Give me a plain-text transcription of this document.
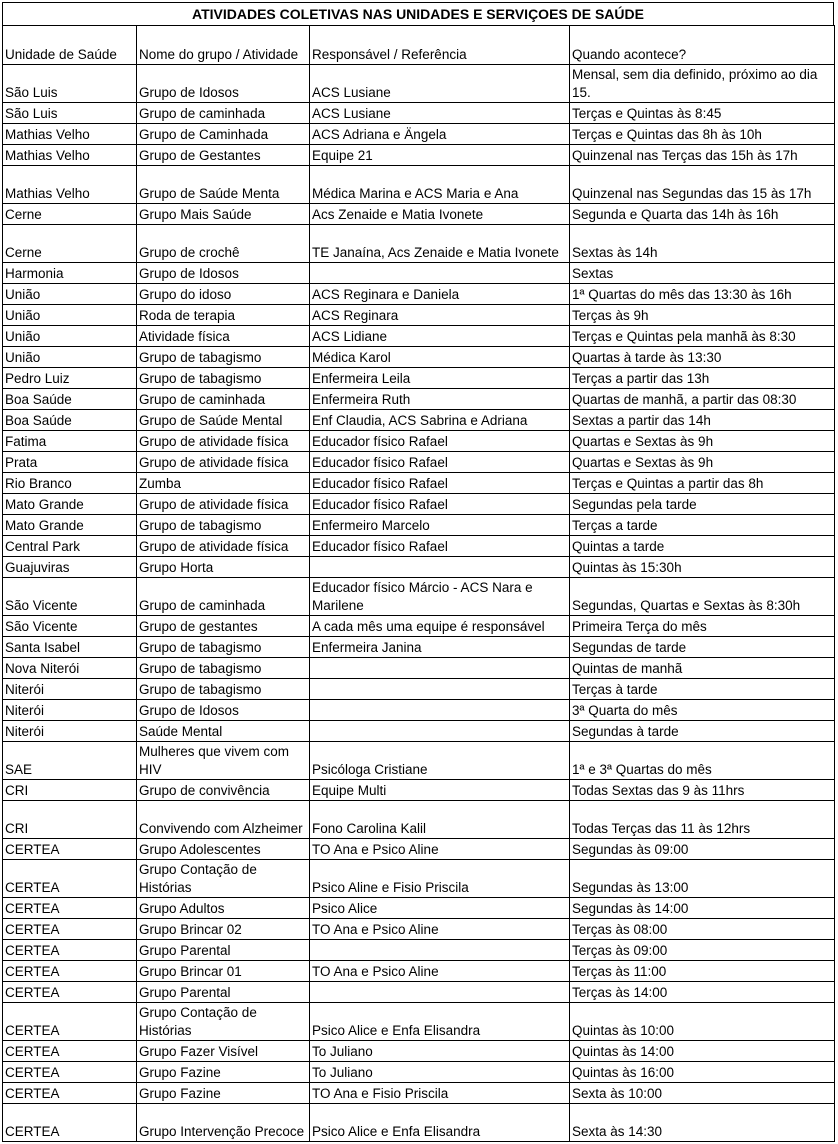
ATIVIDADES COLETIVAS NAS UNIDADES E SERVIÇOES DE SAÚDE
Unidade de Saúde	Nome do grupo / Atividade	Responsável / Referência	Quando acontece?
São Luis	Grupo de Idosos	ACS Lusiane	Mensal, sem dia definido, próximo ao dia 15.
São Luis	Grupo de caminhada	ACS Lusiane	Terças e Quintas às 8:45
Mathias Velho	Grupo de Caminhada	ACS Adriana e Ängela	Terças e Quintas das 8h às 10h
Mathias Velho	Grupo de Gestantes	Equipe 21	Quinzenal nas Terças das 15h às 17h
Mathias Velho	Grupo de Saúde Menta	Médica Marina e ACS Maria e Ana	Quinzenal nas Segundas das 15 às 17h
Cerne	Grupo Mais Saúde	Acs Zenaide e Matia Ivonete	Segunda e Quarta das 14h às 16h
Cerne	Grupo de crochê	TE Janaína, Acs Zenaide e Matia Ivonete	Sextas às 14h
Harmonia	Grupo de Idosos		Sextas
União	Grupo do idoso	ACS Reginara e Daniela	1ª Quartas do mês das 13:30 às 16h
União	Roda de terapia	ACS Reginara	Terças às 9h
União	Atividade física	ACS Lidiane	Terças e Quintas pela manhã às 8:30
União	Grupo de tabagismo	Médica Karol	Quartas à tarde às 13:30
Pedro Luiz	Grupo de tabagismo	Enfermeira Leila	Terças a partir das 13h
Boa Saúde	Grupo de caminhada	Enfermeira Ruth	Quartas de manhã, a partir das 08:30
Boa Saúde	Grupo de Saúde Mental	Enf Claudia, ACS Sabrina e Adriana	Sextas a partir das 14h
Fatima	Grupo de atividade física	Educador físico Rafael	Quartas e Sextas às 9h
Prata	Grupo de atividade física	Educador físico Rafael	Quartas e Sextas às 9h
Rio Branco	Zumba	Educador físico Rafael	Terças e Quintas a partir das 8h
Mato Grande	Grupo de atividade física	Educador físico Rafael	Segundas pela tarde
Mato Grande	Grupo de tabagismo	Enfermeiro Marcelo	Terças a tarde
Central Park	Grupo de atividade física	Educador físico Rafael	Quintas a tarde
Guajuviras	Grupo Horta		Quintas às 15:30h
São Vicente	Grupo de caminhada	Educador físico Márcio - ACS Nara e Marilene	Segundas, Quartas e Sextas às 8:30h
São Vicente	Grupo de gestantes	A cada mês uma equipe é responsável	Primeira Terça do mês
Santa Isabel	Grupo de tabagismo	Enfermeira Janina	Segundas de tarde
Nova Niterói	Grupo de tabagismo		Quintas de manhã
Niterói	Grupo de tabagismo		Terças à tarde
Niterói	Grupo de Idosos		3ª Quarta do mês
Niterói	Saúde Mental		Segundas à tarde
SAE	Mulheres que vivem com HIV	Psicóloga Cristiane	1ª e 3ª Quartas do mês
CRI	Grupo de convivência	Equipe Multi	Todas Sextas das 9 às 11hrs
CRI	Convivendo com Alzheimer	Fono Carolina Kalil	Todas Terças das 11 às 12hrs
CERTEA	Grupo Adolescentes	TO Ana e Psico Aline	Segundas às 09:00
CERTEA	Grupo Contação de Histórias	Psico Aline e Fisio Priscila	Segundas às 13:00
CERTEA	Grupo Adultos	Psico Alice	Segundas às 14:00
CERTEA	Grupo Brincar 02	TO Ana e Psico Aline	Terças às 08:00
CERTEA	Grupo Parental		Terças às 09:00
CERTEA	Grupo Brincar 01	TO Ana e Psico Aline	Terças às 11:00
CERTEA	Grupo Parental		Terças às 14:00
CERTEA	Grupo Contação de Histórias	Psico Alice e Enfa Elisandra	Quintas às 10:00
CERTEA	Grupo Fazer Visível	To Juliano	Quintas às 14:00
CERTEA	Grupo Fazine	To Juliano	Quintas às 16:00
CERTEA	Grupo Fazine	TO Ana e Fisio Priscila	Sexta às 10:00
CERTEA	Grupo Intervenção Precoce	Psico Alice e Enfa Elisandra	Sexta às 14:30
